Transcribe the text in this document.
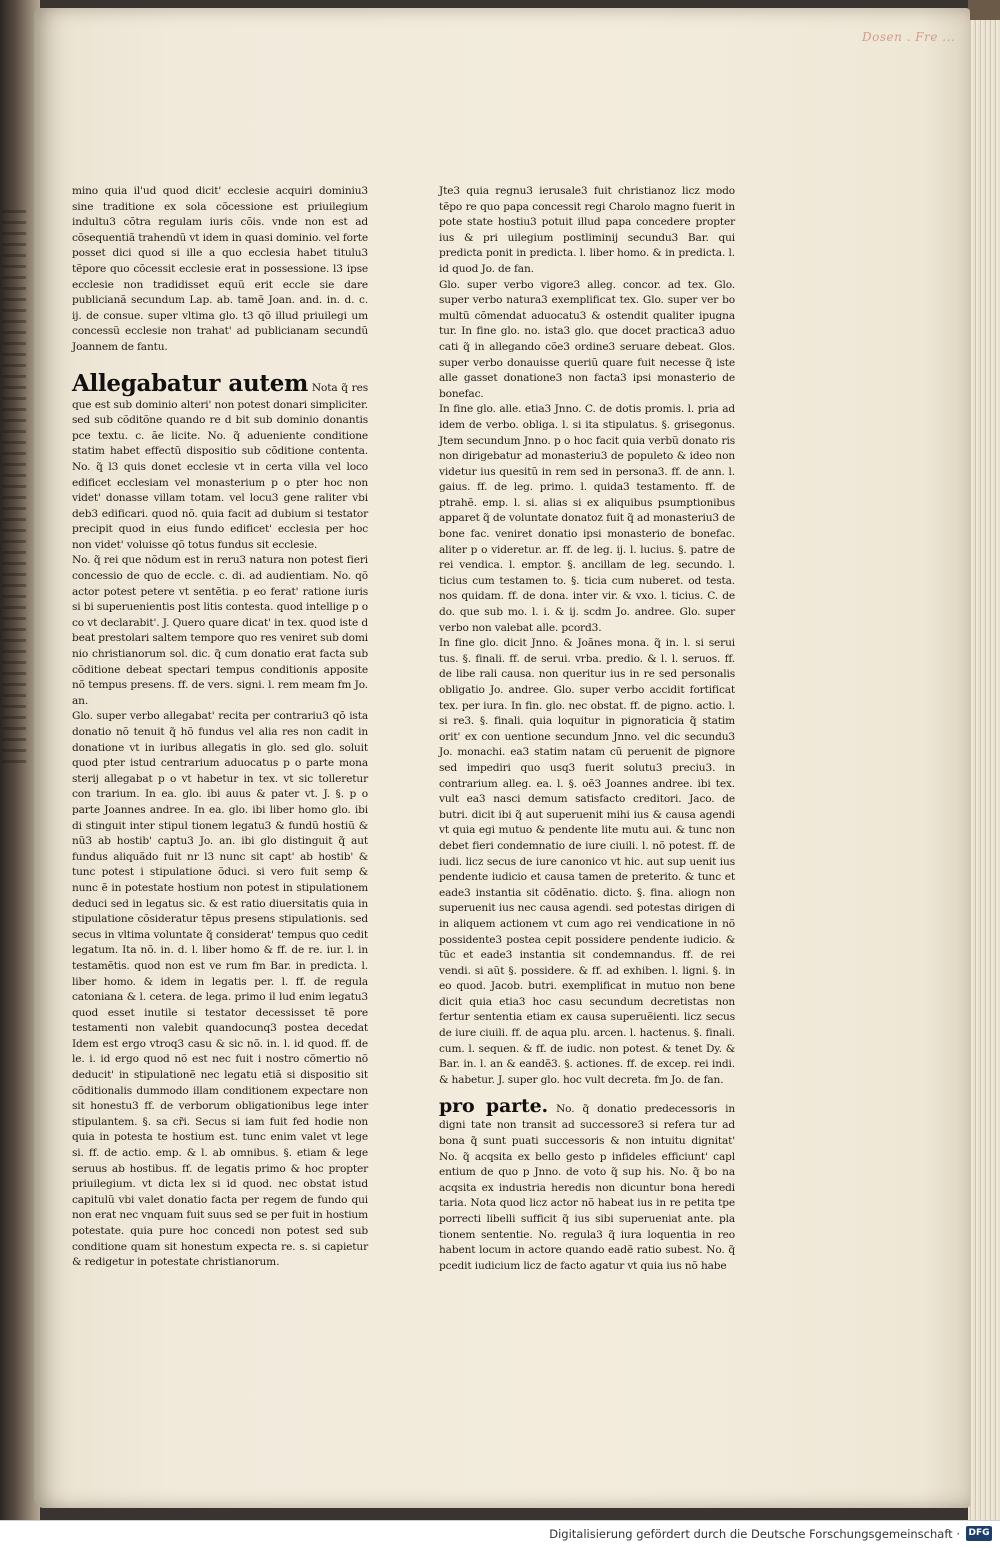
Dosen . Fre ...

mino quia il'ud quod dicit' ecclesie acquiri dominiu3 sine traditione ex sola cõcessione est priuilegium indultu3 cõtra regulam iuris cõis. vnde non est ad cõsequentiã trahendũ vt idem in quasi dominio. vel forte posset dici quod si ille a quo ecclesia habet titulu3 tẽpore quo cõcessit ecclesie erat in possessione. l3 ipse ecclesie non tradidisset equũ erit eccle sie dare publicianã secundum Lap. ab. tamẽ Joan. and. in. d. c. ij. de consue. super vltima glo. t3 qõ illud priuilegi um concessũ ecclesie non trahat' ad publicianam secundũ Joannem de fantu.

Allegabatur autem Nota q̃ res que est sub dominio alteri' non potest donari simpliciter. sed sub cõditõne quando re d bit sub dominio donantis pce textu. c. ãe licite. No. q̃ adueniente conditione statim habet effectũ dispositio sub cõditione contenta. No. q̃ l3 quis donet ecclesie vt in certa villa vel loco edificet ecclesiam vel monasterium p o pter hoc non videt' donasse villam totam. vel locu3 gene raliter vbi deb3 edificari. quod nõ. quia facit ad dubium si testator precipit quod in eius fundo edificet' ecclesia per hoc non videt' voluisse qõ totus fundus sit ecclesie.

No. q̃ rei que nõdum est in reru3 natura non potest fieri concessio de quo de eccle. c. di. ad audientiam. No. qõ actor potest petere vt sentẽtia. p eo ferat' ratione iuris si bi superuenientis post litis contesta. quod intellige p o co vt declarabit'. J. Quero quare dicat' in tex. quod iste d beat prestolari saltem tempore quo res veniret sub domi nio christianorum sol. dic. q̃ cum donatio erat facta sub cõditione debeat spectari tempus conditionis apposite nõ tempus presens. ff. de vers. signi. l. rem meam fm Jo. an.

Glo. super verbo allegabat' recita per contrariu3 qõ ista donatio nõ tenuit q̃ hõ fundus vel alia res non cadit in donatione vt in iuribus allegatis in glo. sed glo. soluit quod pter istud centrarium aduocatus p o parte mona sterij allegabat p o vt habetur in tex. vt sic tolleretur con trarium. In ea. glo. ibi auus & pater vt. J. §. p o parte Joannes andree. In ea. glo. ibi liber homo glo. ibi di stinguit inter stipul tionem legatu3 & fundũ hostiũ & nũ3 ab hostib' captu3 Jo. an. ibi glo distinguit q̃ aut fundus aliquãdo fuit nr l3 nunc sit capt' ab hostib' & tunc potest i stipulatione õduci. si vero fuit semp & nunc ẽ in potestate hostium non potest in stipulationem deduci sed in legatus sic. & est ratio diuersitatis quia in stipulatione cõsideratur tẽpus presens stipulationis. sed secus in vltima voluntate q̃ considerat' tempus quo cedit legatum. Ita nõ. in. d. l. liber homo & ff. de re. iur. l. in testamẽtis. quod non est ve rum fm Bar. in predicta. l. liber homo. & idem in legatis per. l. ff. de regula catoniana & l. cetera. de lega. primo il lud enim legatu3 quod esset inutile si testator decessisset tẽ pore testamenti non valebit quandocunq3 postea decedat Idem est ergo vtroq3 casu & sic nõ. in. l. id quod. ff. de le. i. id ergo quod nõ est nec fuit i nostro cõmertio nõ deducit' in stipulationẽ nec legatu etiã si dispositio sit cõditionalis dummodo illam conditionem expectare non sit honestu3 ff. de verborum obligationibus lege inter stipulantem. §. sa cr̃i. Secus si iam fuit fed hodie non quia in potesta te hostium est. tunc enim valet vt lege si. ff. de actio. emp. & l. ab omnibus. §. etiam & lege seruus ab hostibus. ff. de legatis primo & hoc propter priuilegium. vt dicta lex si id quod. nec obstat istud capitulũ vbi valet donatio facta per regem de fundo qui non erat nec vnquam fuit suus sed se per fuit in hostium potestate. quia pure hoc concedi non potest sed sub conditione quam sit honestum expecta re. s. si capietur & redigetur in potestate christianorum.

Jte3 quia regnu3 ierusale3 fuit christianoz licz modo tẽpo re quo papa concessit regi Charolo magno fuerit in pote state hostiu3 potuit illud papa concedere propter ius & pri uilegium postliminij secundu3 Bar. qui predicta ponit in predicta. l. liber homo. & in predicta. l. id quod Jo. de fan.

Glo. super verbo vigore3 alleg. concor. ad tex. Glo. super verbo natura3 exemplificat tex. Glo. super ver bo multũ cõmendat aduocatu3 & ostendit qualiter ipugna tur. In fine glo. no. ista3 glo. que docet practica3 aduo cati q̃ in allegando cõe3 ordine3 seruare debeat. Glos. super verbo donauisse queriũ quare fuit necesse q̃ iste alle gasset donatione3 non facta3 ipsi monasterio de bonefac.

In fine glo. alle. etia3 Jnno. C. de dotis promis. l. pria ad idem de verbo. obliga. l. si ita stipulatus. §. grisegonus. Jtem secundum Jnno. p o hoc facit quia verbũ donato ris non dirigebatur ad monasteriu3 de populeto & ideo non videtur ius quesitũ in rem sed in persona3. ff. de ann. l. gaius. ff. de leg. primo. l. quida3 testamento. ff. de ptrahẽ. emp. l. si. alias si ex aliquibus psumptionibus apparet q̃ de voluntate donatoz fuit q̃ ad monasteriu3 de bone fac. veniret donatio ipsi monasterio de bonefac. aliter p o videretur. ar. ff. de leg. ij. l. lucius. §. patre de rei vendica. l. emptor. §. ancillam de leg. secundo. l. ticius cum testamen to. §. ticia cum nuberet. od testa. nos quidam. ff. de dona. inter vir. & vxo. l. ticius. C. de do. que sub mo. l. i. & ij. scdm Jo. andree. Glo. super verbo non valebat alle. pcord3.

In fine glo. dicit Jnno. & Joãnes mona. q̃ in. l. si serui tus. §. finali. ff. de serui. vrba. predio. & l. l. seruos. ff. de libe rali causa. non queritur ius in re sed personalis obligatio Jo. andree. Glo. super verbo accidit fortificat tex. per iura. In fin. glo. nec obstat. ff. de pigno. actio. l. si re3. §. finali. quia loquitur in pignoraticia q̃ statim orit' ex con uentione secundum Jnno. vel dic secundu3 Jo. monachi. ea3 statim natam cũ peruenit de pignore sed impediri quo usq3 fuerit solutu3 preciu3. in contrarium alleg. ea. l. §. oẽ3 Joannes andree. ibi tex. vult ea3 nasci demum satisfacto creditori. Jaco. de butri. dicit ibi q̃ aut superuenit mihi ius & causa agendi vt quia egi mutuo & pendente lite mutu aui. & tunc non debet fieri condemnatio de iure ciuili. l. nõ potest. ff. de iudi. licz secus de iure canonico vt hic. aut sup uenit ius pendente iudicio et causa tamen de preterito. & tunc et eade3 instantia sit cõdẽnatio. dicto. §. fina. aliogn non superuenit ius nec causa agendi. sed potestas dirigen di in aliquem actionem vt cum ago rei vendicatione in nõ possidente3 postea cepit possidere pendente iudicio. & tũc et eade3 instantia sit condemnandus. ff. de rei vendi. si aũt §. possidere. & ff. ad exhiben. l. ligni. §. in eo quod. Jacob. butri. exemplificat in mutuo non bene dicit quia etia3 hoc casu secundum decretistas non fertur sententia etiam ex causa superuẽienti. licz secus de iure ciuili. ff. de aqua plu. arcen. l. hactenus. §. finali. cum. l. sequen. & ff. de iudic. non potest. & tenet Dy. & Bar. in. l. an & eandẽ3. §. actiones. ff. de excep. rei indi. & habetur. J. super glo. hoc vult decreta. fm Jo. de fan.

pro parte. No. q̃ donatio predecessoris in digni tate non transit ad successore3 si refera tur ad bona q̃ sunt puati successoris & non intuitu dignitat' No. q̃ acqsita ex bello gesto p infideles efficiunt' capl entium de quo p Jnno. de voto q̃ sup his. No. q̃ bo na acqsita ex industria heredis non dicuntur bona heredi taria. Nota quod licz actor nõ habeat ius in re petita tpe porrecti libelli sufficit q̃ ius sibi superueniat ante. pla tionem sententie. No. regula3 q̃ iura loquentia in reo habent locum in actore quando eadẽ ratio subest. No. q̃ pcedit iudicium licz de facto agatur vt quia ius nõ habe

Digitalisierung gefördert durch die Deutsche Forschungsgemeinschaft · DFG
